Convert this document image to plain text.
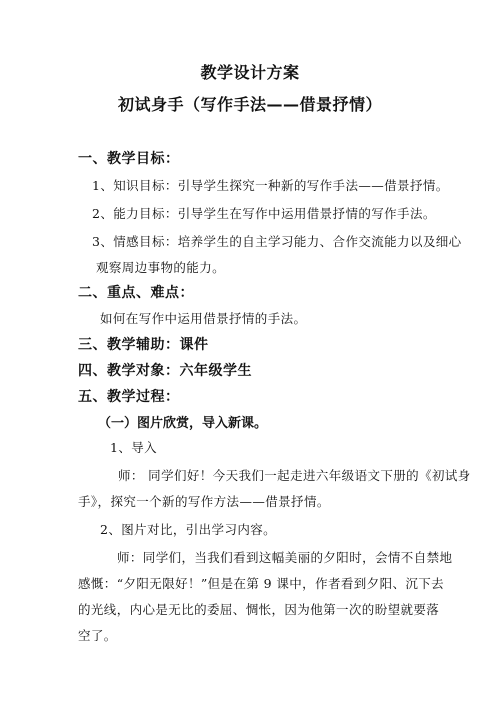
教学设计方案
初试身手（写作手法——借景抒情）
一、教学目标：
1、知识目标：引导学生探究一种新的写作手法——借景抒情。
2、能力目标：引导学生在写作中运用借景抒情的写作手法。
3、情感目标：培养学生的自主学习能力、合作交流能力以及细心
观察周边事物的能力。
二、重点、难点：
如何在写作中运用借景抒情的手法。
三、教学辅助：课件
四、教学对象：六年级学生
五、教学过程：
（一）图片欣赏，导入新课。
1、导入
师： 同学们好！今天我们一起走进六年级语文下册的《初试身
手》，探究一个新的写作方法——借景抒情。
2、图片对比，引出学习内容。
师：同学们，当我们看到这幅美丽的夕阳时，会情不自禁地
感慨：“夕阳无限好！”但是在第 9 课中，作者看到夕阳、沉下去
的光线，内心是无比的委屈、惆怅，因为他第一次的盼望就要落
空了。
